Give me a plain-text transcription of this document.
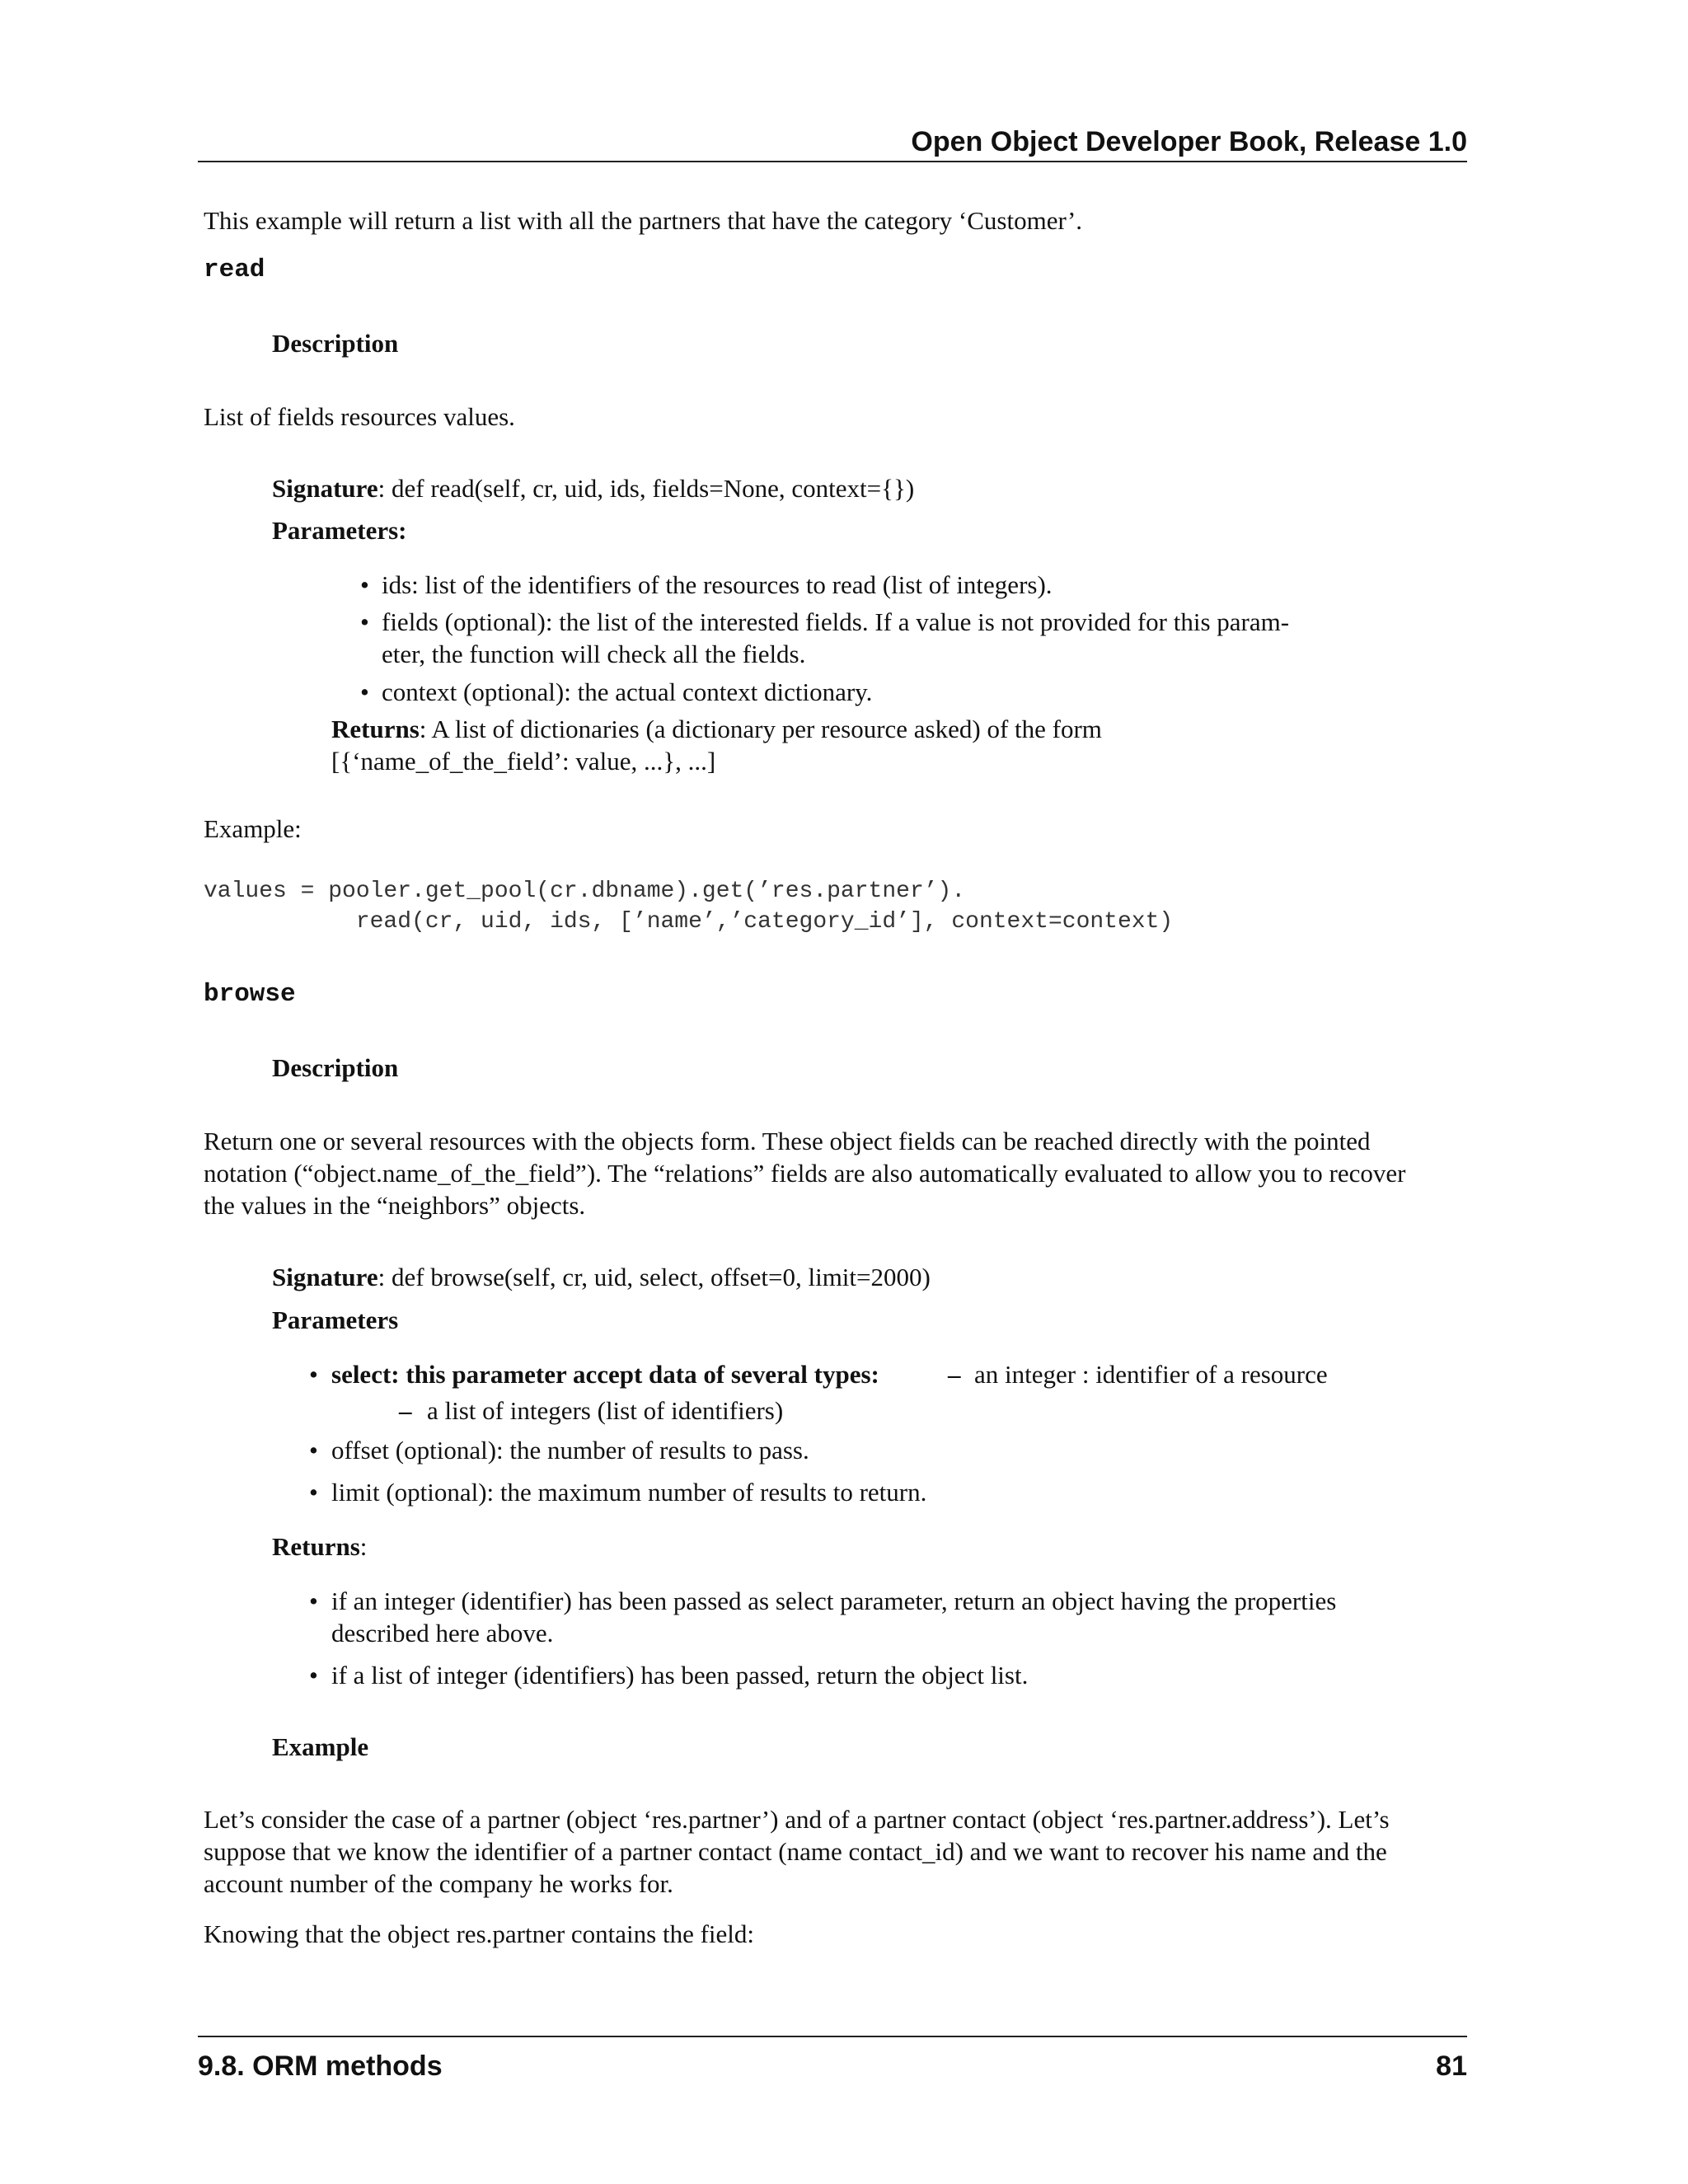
Open Object Developer Book, Release 1.0
This example will return a list with all the partners that have the category ‘Customer’.
read
Description
List of fields resources values.
Signature: def read(self, cr, uid, ids, fields=None, context={})
Parameters:
• ids: list of the identifiers of the resources to read (list of integers).
• fields (optional): the list of the interested fields. If a value is not provided for this param-
eter, the function will check all the fields.
• context (optional): the actual context dictionary.
Returns: A list of dictionaries (a dictionary per resource asked) of the form
[{‘name_of_the_field’: value, ...}, ...]
Example:
values = pooler.get_pool(cr.dbname).get(’res.partner’).
read(cr, uid, ids, [’name’,’category_id’], context=context)
browse
Description
Return one or several resources with the objects form. These object fields can be reached directly with the pointed
notation (“object.name_of_the_field”). The “relations” fields are also automatically evaluated to allow you to recover
the values in the “neighbors” objects.
Signature: def browse(self, cr, uid, select, offset=0, limit=2000)
Parameters
• select: this parameter accept data of several types:	– an integer : identifier of a resource
– a list of integers (list of identifiers)
• offset (optional): the number of results to pass.
• limit (optional): the maximum number of results to return.
Returns:
• if an integer (identifier) has been passed as select parameter, return an object having the properties
described here above.
• if a list of integer (identifiers) has been passed, return the object list.
Example
Let’s consider the case of a partner (object ‘res.partner’) and of a partner contact (object ‘res.partner.address’). Let’s
suppose that we know the identifier of a partner contact (name contact_id) and we want to recover his name and the
account number of the company he works for.
Knowing that the object res.partner contains the field:
9.8. ORM methods	81
